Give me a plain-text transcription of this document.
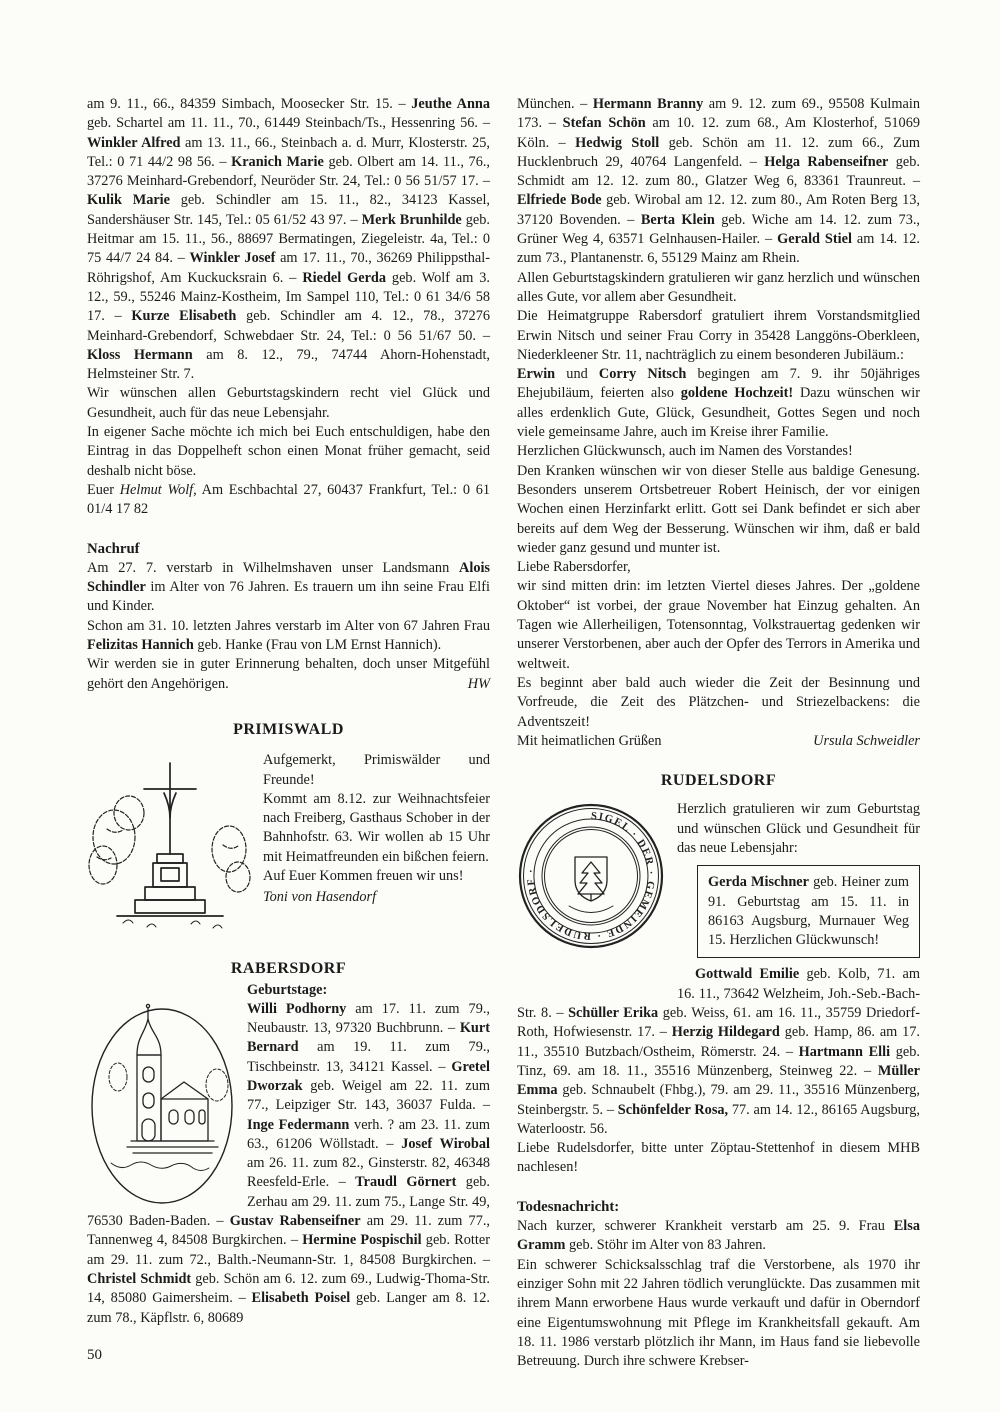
am 9. 11., 66., 84359 Simbach, Moosecker Str. 15. – Jeuthe Anna geb. Schartel am 11. 11., 70., 61449 Steinbach/Ts., Hessenring 56. – Winkler Alfred am 13. 11., 66., Steinbach a. d. Murr, Klosterstr. 25, Tel.: 0 71 44/2 98 56. – Kranich Marie geb. Olbert am 14. 11., 76., 37276 Meinhard-Grebendorf, Neuröder Str. 24, Tel.: 0 56 51/57 17. – Kulik Marie geb. Schindler am 15. 11., 82., 34123 Kassel, Sandershäuser Str. 145, Tel.: 05 61/52 43 97. – Merk Brunhilde geb. Heitmar am 15. 11., 56., 88697 Bermatingen, Ziegeleistr. 4a, Tel.: 0 75 44/7 24 84. – Winkler Josef am 17. 11., 70., 36269 Philippsthal-Röhrigshof, Am Kuckucksrain 6. – Riedel Gerda geb. Wolf am 3. 12., 59., 55246 Mainz-Kostheim, Im Sampel 110, Tel.: 0 61 34/6 58 17. – Kurze Elisabeth geb. Schindler am 4. 12., 78., 37276 Meinhard-Grebendorf, Schwebdaer Str. 24, Tel.: 0 56 51/67 50. – Kloss Hermann am 8. 12., 79., 74744 Ahorn-Hohenstadt, Helmsteiner Str. 7.

Wir wünschen allen Geburtstagskindern recht viel Glück und Gesundheit, auch für das neue Lebensjahr.

In eigener Sache möchte ich mich bei Euch entschuldigen, habe den Eintrag in das Doppelheft schon einen Monat früher gemacht, seid deshalb nicht böse.

Euer Helmut Wolf, Am Eschbachtal 27, 60437 Frankfurt, Tel.: 0 61 01/4 17 82

Nachruf

Am 27. 7. verstarb in Wilhelmshaven unser Landsmann Alois Schindler im Alter von 76 Jahren. Es trauern um ihn seine Frau Elfi und Kinder.

Schon am 31. 10. letzten Jahres verstarb im Alter von 67 Jahren Frau Felizitas Hannich geb. Hanke (Frau von LM Ernst Hannich).

Wir werden sie in guter Erinnerung behalten, doch unser Mitgefühl gehört den Angehörigen.	HW

PRIMISWALD

Aufgemerkt, Primiswälder und Freunde!

Kommt am 8.12. zur Weihnachtsfeier nach Freiberg, Gasthaus Schober in der Bahnhofstr. 63. Wir wollen ab 15 Uhr mit Heimatfreunden ein bißchen feiern.

Auf Euer Kommen freuen wir uns!

Toni von Hasendorf

RABERSDORF

Geburtstage:

Willi Podhorny am 17. 11. zum 79., Neubaustr. 13, 97320 Buchbrunn. – Kurt Bernard am 19. 11. zum 79., Tischbeinstr. 13, 34121 Kassel. – Gretel Dworzak geb. Weigel am 22. 11. zum 77., Leipziger Str. 143, 36037 Fulda. – Inge Federmann verh. ? am 23. 11. zum 63., 61206 Wöllstadt. – Josef Wirobal am 26. 11. zum 82., Ginsterstr. 82, 46348 Reesfeld-Erle. – Traudl Görnert geb. Zerhau am 29. 11. zum 75., Lange Str. 49, 76530 Baden-Baden. – Gustav Rabenseifner am 29. 11. zum 77., Tannenweg 4, 84508 Burgkirchen. – Hermine Pospischil geb. Rotter am 29. 11. zum 72., Balth.-Neumann-Str. 1, 84508 Burgkirchen. – Christel Schmidt geb. Schön am 6. 12. zum 69., Ludwig-Thoma-Str. 14, 85080 Gaimersheim. – Elisabeth Poisel geb. Langer am 8. 12. zum 78., Käpflstr. 6, 80689

München. – Hermann Branny am 9. 12. zum 69., 95508 Kulmain 173. – Stefan Schön am 10. 12. zum 68., Am Klosterhof, 51069 Köln. – Hedwig Stoll geb. Schön am 11. 12. zum 66., Zum Hucklenbruch 29, 40764 Langenfeld. – Helga Rabenseifner geb. Schmidt am 12. 12. zum 80., Glatzer Weg 6, 83361 Traunreut. – Elfriede Bode geb. Wirobal am 12. 12. zum 80., Am Roten Berg 13, 37120 Bovenden. – Berta Klein geb. Wiche am 14. 12. zum 73., Grüner Weg 4, 63571 Gelnhausen-Hailer. – Gerald Stiel am 14. 12. zum 73., Plantanenstr. 6, 55129 Mainz am Rhein.

Allen Geburtstagskindern gratulieren wir ganz herzlich und wünschen alles Gute, vor allem aber Gesundheit.

Die Heimatgruppe Rabersdorf gratuliert ihrem Vorstandsmitglied Erwin Nitsch und seiner Frau Corry in 35428 Langgöns-Oberkleen, Niederkleener Str. 11, nachträglich zu einem besonderen Jubiläum.:

Erwin und Corry Nitsch begingen am 7. 9. ihr 50jähriges Ehejubiläum, feierten also goldene Hochzeit! Dazu wünschen wir alles erdenklich Gute, Glück, Gesundheit, Gottes Segen und noch viele gemeinsame Jahre, auch im Kreise ihrer Familie.

Herzlichen Glückwunsch, auch im Namen des Vorstandes!

Den Kranken wünschen wir von dieser Stelle aus baldige Genesung. Besonders unserem Ortsbetreuer Robert Heinisch, der vor einigen Wochen einen Herzinfarkt erlitt. Gott sei Dank befindet er sich aber bereits auf dem Weg der Besserung. Wünschen wir ihm, daß er bald wieder ganz gesund und munter ist.

Liebe Rabersdorfer,

wir sind mitten drin: im letzten Viertel dieses Jahres. Der „goldene Oktober“ ist vorbei, der graue November hat Einzug gehalten. An Tagen wie Allerheiligen, Totensonntag, Volkstrauertag gedenken wir unserer Verstorbenen, aber auch der Opfer des Terrors in Amerika und weltweit.

Es beginnt aber bald auch wieder die Zeit der Besinnung und Vorfreude, die Zeit des Plätzchen- und Striezelbackens: die Adventszeit!

Mit heimatlichen Grüßen	Ursula Schweidler

RUDELSDORF
SIGEL · DER · GEMEINDE · RUDELSDORF ·

Herzlich gratulieren wir zum Geburtstag und wünschen Glück und Gesundheit für das neue Lebensjahr:

Gerda Mischner geb. Heiner zum 91. Geburtstag am 15. 11. in 86163 Augsburg, Murnauer Weg 15. Herzlichen Glückwunsch!

Gottwald Emilie geb. Kolb, 71. am 16. 11., 73642 Welzheim, Joh.-Seb.-Bach-Str. 8. – Schüller Erika geb. Weiss, 61. am 16. 11., 35759 Driedorf-Roth, Hofwiesenstr. 17. – Herzig Hildegard geb. Hamp, 86. am 17. 11., 35510 Butzbach/Ostheim, Römerstr. 24. – Hartmann Elli geb. Tinz, 69. am 18. 11., 35516 Münzenberg, Steinweg 22. – Müller Emma geb. Schnaubelt (Fhbg.), 79. am 29. 11., 35516 Münzenberg, Steinbergstr. 5. – Schönfelder Rosa, 77. am 14. 12., 86165 Augsburg, Waterloostr. 56.

Liebe Rudelsdorfer, bitte unter Zöptau-Stettenhof in diesem MHB nachlesen!

Todesnachricht:

Nach kurzer, schwerer Krankheit verstarb am 25. 9. Frau Elsa Gramm geb. Stöhr im Alter von 83 Jahren.

Ein schwerer Schicksalsschlag traf die Verstorbene, als 1970 ihr einziger Sohn mit 22 Jahren tödlich verunglückte. Das zusammen mit ihrem Mann erworbene Haus wurde verkauft und dafür in Oberndorf eine Eigentumswohnung mit Pflege im Krankheitsfall gekauft. Am 18. 11. 1986 verstarb plötzlich ihr Mann, im Haus fand sie liebevolle Betreuung. Durch ihre schwere Krebser-

50
